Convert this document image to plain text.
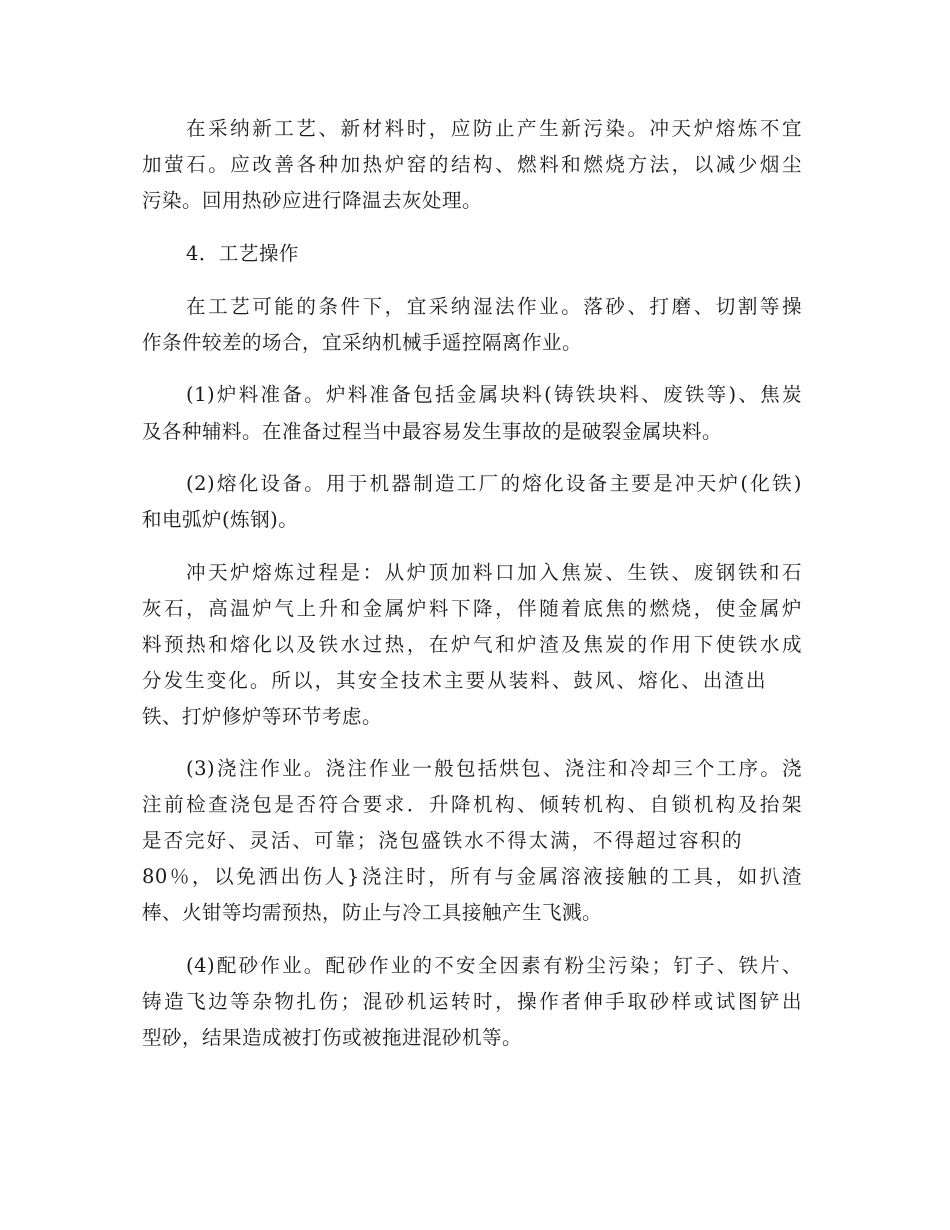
在采纳新工艺、新材料时，应防止产生新污染。冲天炉熔炼不宜
加萤石。应改善各种加热炉窑的结构、燃料和燃烧方法，以减少烟尘
污染。回用热砂应进行降温去灰处理。
4．工艺操作
在工艺可能的条件下，宜采纳湿法作业。落砂、打磨、切割等操
作条件较差的场合，宜采纳机械手遥控隔离作业。
(1)炉料准备。炉料准备包括金属块料(铸铁块料、废铁等)、焦炭
及各种辅料。在准备过程当中最容易发生事故的是破裂金属块料。
(2)熔化设备。用于机器制造工厂的熔化设备主要是冲天炉(化铁)
和电弧炉(炼钢)。
冲天炉熔炼过程是：从炉顶加料口加入焦炭、生铁、废钢铁和石
灰石，高温炉气上升和金属炉料下降，伴随着底焦的燃烧，使金属炉
料预热和熔化以及铁水过热，在炉气和炉渣及焦炭的作用下使铁水成
分发生变化。所以，其安全技术主要从装料、鼓风、熔化、出渣出
铁、打炉修炉等环节考虑。
(3)浇注作业。浇注作业一般包括烘包、浇注和冷却三个工序。浇
注前检查浇包是否符合要求．升降机构、倾转机构、自锁机构及抬架
是否完好、灵活、可靠；浇包盛铁水不得太满，不得超过容积的
80％，以免洒出伤人}浇注时，所有与金属溶液接触的工具，如扒渣
棒、火钳等均需预热，防止与冷工具接触产生飞溅。
(4)配砂作业。配砂作业的不安全因素有粉尘污染；钉子、铁片、
铸造飞边等杂物扎伤；混砂机运转时，操作者伸手取砂样或试图铲出
型砂，结果造成被打伤或被拖进混砂机等。
